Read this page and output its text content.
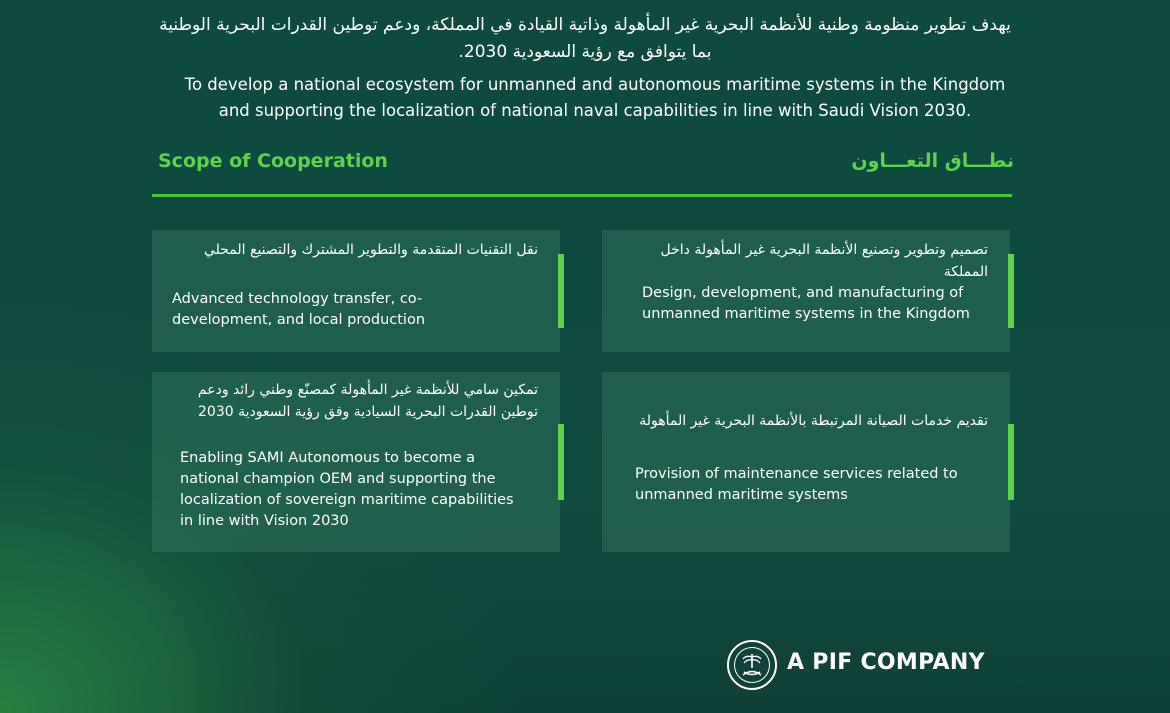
يهدف تطوير منظومة وطنية للأنظمة البحرية غير المأهولة وذاتية القيادة في المملكة، ودعم توطين القدرات البحرية الوطنية بما يتوافق مع رؤية السعودية 2030.
To develop a national ecosystem for unmanned and autonomous maritime systems in the Kingdom
and supporting the localization of national naval capabilities in line with Saudi Vision 2030.
Scope of Cooperation	نطـــاق التعـــاون
تصميم وتطوير وتصنيع الأنظمة البحرية غير المأهولة داخل المملكة
Design, development, and manufacturing of unmanned maritime systems in the Kingdom
نقل التقنيات المتقدمة والتطوير المشترك والتصنيع المحلي
Advanced technology transfer, co-development, and local production
تقديم خدمات الصيانة المرتبطة بالأنظمة البحرية غير المأهولة
Provision of maintenance services related to unmanned maritime systems
تمكين سامي للأنظمة غير المأهولة كمصنّع وطني رائد ودعم توطين القدرات البحرية السيادية وفق رؤية السعودية 2030
Enabling SAMI Autonomous to become a national champion OEM and supporting the localization of sovereign maritime capabilities in line with Vision 2030
A PIF COMPANY
